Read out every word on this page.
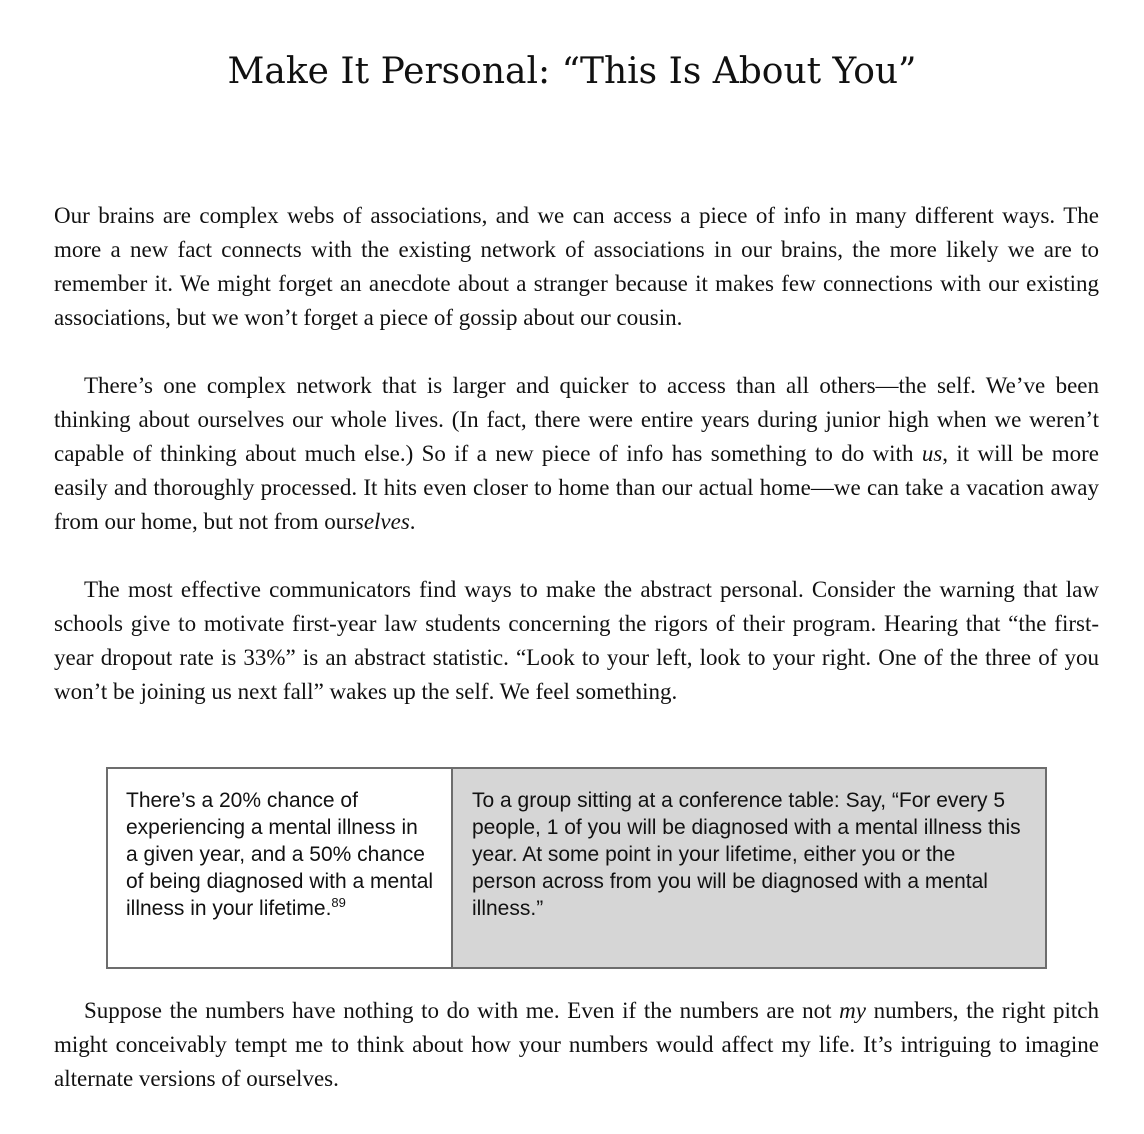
Make It Personal: “This Is About You”

Our brains are complex webs of associations, and we can access a piece of info in many different ways. The more a new fact connects with the existing network of associations in our brains, the more likely we are to remember it. We might forget an anecdote about a stranger because it makes few connections with our existing associations, but we won’t forget a piece of gossip about our cousin.

There’s one complex network that is larger and quicker to access than all others—the self. We’ve been thinking about ourselves our whole lives. (In fact, there were entire years during junior high when we weren’t capable of thinking about much else.) So if a new piece of info has something to do with us, it will be more easily and thoroughly processed. It hits even closer to home than our actual home—we can take a vacation away from our home, but not from ourselves.

The most effective communicators find ways to make the abstract personal. Consider the warning that law schools give to motivate first-year law students concerning the rigors of their program. Hearing that “the first-year dropout rate is 33%” is an abstract statistic. “Look to your left, look to your right. One of the three of you won’t be joining us next fall” wakes up the self. We feel something.

There’s a 20% chance of experiencing a mental illness in a given year, and a 50% chance of being diagnosed with a mental illness in your lifetime.$^{89}$
To a group sitting at a conference table: Say, “For every 5 people, 1 of you will be diagnosed with a mental illness this year. At some point in your lifetime, either you or the person across from you will be diagnosed with a mental illness.”

Suppose the numbers have nothing to do with me. Even if the numbers are not my numbers, the right pitch might conceivably tempt me to think about how your numbers would affect my life. It’s intriguing to imagine alternate versions of ourselves.
